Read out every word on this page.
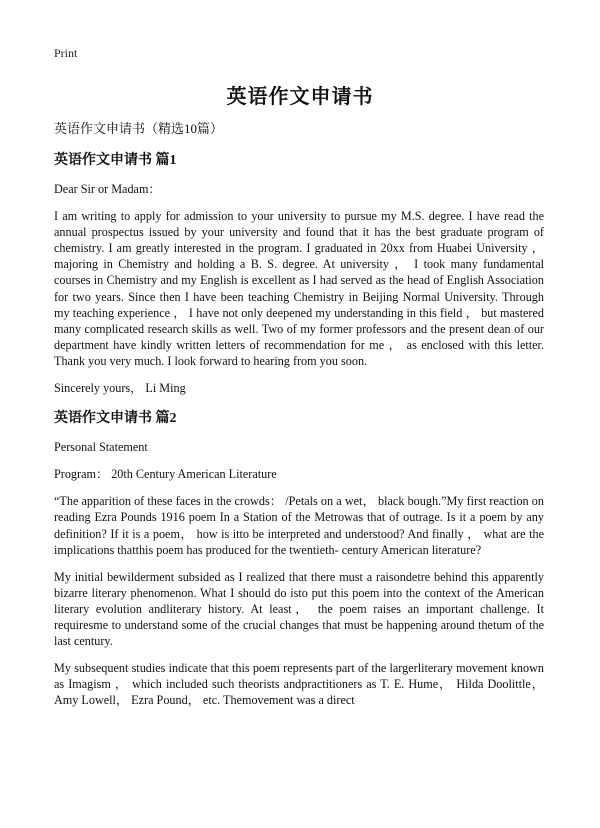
Print
英语作文申请书
英语作文申请书（精选10篇）
英语作文申请书 篇1

Dear Sir or Madam：

I am writing to apply for admission to your university to pursue my M.S. degree. I have read the annual prospectus issued by your university and found that it has the best graduate program of chemistry. I am greatly interested in the program. I graduated in 20xx from Huabei University ， majoring in Chemistry and holding a B. S. degree. At university ， I took many fundamental courses in Chemistry and my English is excellent as I had served as the head of English Association for two years. Since then I have been teaching Chemistry in Beijing Normal University. Through my teaching experience ， I have not only deepened my understanding in this field ， but mastered many complicated research skills as well. Two of my former professors and the present dean of our department have kindly written letters of recommendation for me ， as enclosed with this letter. Thank you very much. I look forward to hearing from you soon.

Sincerely yours， Li Ming

英语作文申请书 篇2

Personal Statement

Program： 20th Century American Literature

“The apparition of these faces in the crowds： /Petals on a wet， black bough.”My first reaction on reading Ezra Pounds 1916 poem In a Station of the Metrowas that of outrage. Is it a poem by any definition? If it is a poem， how is itto be interpreted and understood? And finally ， what are the implications thatthis poem has produced for the twentieth- century American literature?

My initial bewilderment subsided as I realized that there must a raisondetre behind this apparently bizarre literary phenomenon. What I should do isto put this poem into the context of the American literary evolution andliterary history. At least， the poem raises an important challenge. It requiresme to understand some of the crucial changes that must be happening around thetum of the last century.

My subsequent studies indicate that this poem represents part of the largerliterary movement known as Imagism ， which included such theorists andpractitioners as T. E. Hume， Hilda Doolittle， Amy Lowell， Ezra Pound， etc. Themovement was a direct
